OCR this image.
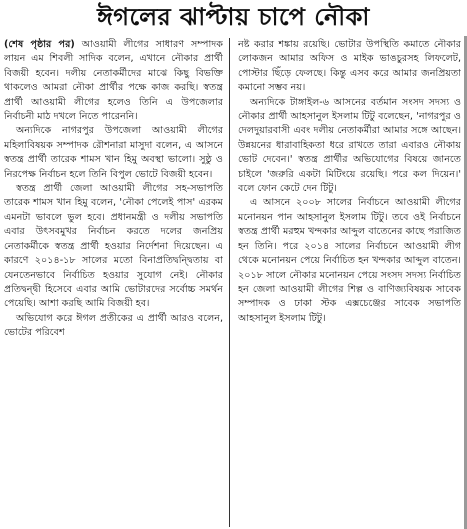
ঈগলের ঝাপ্টায় চাপে নৌকা

(শেষ পৃষ্ঠার পর) আওয়ামী লীগের সাধারণ সম্পাদক লায়ন এম শিবলী সাদিক বলেন, এখানে নৌকার প্রার্থী বিজয়ী হবেন। দলীয় নেতাকর্মীদের মাঝে কিছু বিভক্তি থাকলেও আমরা নৌকা প্রার্থীর পক্ষে কাজ করছি। স্বতন্ত্র প্রার্থী আওয়ামী লীগের হলেও তিনি এ উপজেলার নির্বাচনী মাঠ দখলে নিতে পারেননি।

অন্যদিকে নাগরপুর উপজেলা আওয়ামী লীগের মহিলাবিষয়ক সম্পাদক রৌশনারা মাসুদা বলেন, এ আসনে স্বতন্ত্র প্রার্থী তারেক শামস খান হিমু অবস্থা ভালো। সুষ্ঠু ও নিরপেক্ষ নির্বাচন হলে তিনি বিপুল ভোটে বিজয়ী হবেন।

স্বতন্ত্র প্রার্থী জেলা আওয়ামী লীগের সহ-সভাপতি তারেক শামস খান হিমু বলেন, 'নৌকা পেলেই পাস' এরকম এমনটা ভাবলে ভুল হবে। প্রধানমন্ত্রী ও দলীয় সভাপতি এবার উৎসবমুখর নির্বাচন করতে দলের জনপ্রিয় নেতাকর্মীকে স্বতন্ত্র প্রার্থী হওয়ার নির্দেশনা দিয়েছেন। এ কারণে ২০১৪-১৮ সালের মতো বিনাপ্রতিদ্বন্দ্বিতায় বা যেনতেনভাবে নির্বাচিত হওয়ার সুযোগ নেই। নৌকার প্রতিদ্বন্দ্বী হিসেবে এবার আমি ভোটারদের সর্বোচ্চ সমর্থন পেয়েছি। আশা করছি আমি বিজয়ী হব।

অভিযোগ করে ঈগল প্রতীকের এ প্রার্থী আরও বলেন, ভোটের পরিবেশ

নষ্ট করার শঙ্কায় রয়েছি। ভোটার উপস্থিতি কমাতে নৌকার লোকজন আমার অফিস ও মাইক ভাঙচুরসহ লিফলেট, পোস্টার ছিঁড়ে ফেলছে। কিন্তু এসব করে আমার জনপ্রিয়তা কমানো সম্ভব নয়।

অন্যদিকে টাঙ্গাইল-৬ আসনের বর্তমান সংসদ সদস্য ও নৌকার প্রার্থী আহসানুল ইসলাম টিটু বলেছেন, 'নাগরপুর ও দেলদুয়ারবাসী এবং দলীয় নেতাকর্মীরা আমার সঙ্গে আছেন। উন্নয়নের ধারাবাহিকতা ধরে রাখতে তারা এবারও নৌকায় ভোট দেবেন।' স্বতন্ত্র প্রার্থীর অভিযোগের বিষয়ে জানতে চাইলে 'জরুরি একটা মিটিংয়ে রয়েছি। পরে কল দিয়েন।' বলে ফোন কেটে দেন টিটু।

এ আসনে ২০০৮ সালের নির্বাচনে আওয়ামী লীগের মনোনয়ন পান আহসানুল ইসলাম টিটু। তবে ওই নির্বাচনে স্বতন্ত্র প্রার্থী মরহুম খন্দকার আব্দুল বাতেনের কাছে পরাজিত হন তিনি। পরে ২০১৪ সালের নির্বাচনে আওয়ামী লীগ থেকে মনোনয়ন পেয়ে নির্বাচিত হন খন্দকার আব্দুল বাতেন। ২০১৮ সালে নৌকার মনোনয়ন পেয়ে সংসদ সদস্য নির্বাচিত হন জেলা আওয়ামী লীগের শিল্প ও বাণিজ্যবিষয়ক সাবেক সম্পাদক ও ঢাকা স্টক এক্সচেঞ্জের সাবেক সভাপতি আহসানুল ইসলাম টিটু।
